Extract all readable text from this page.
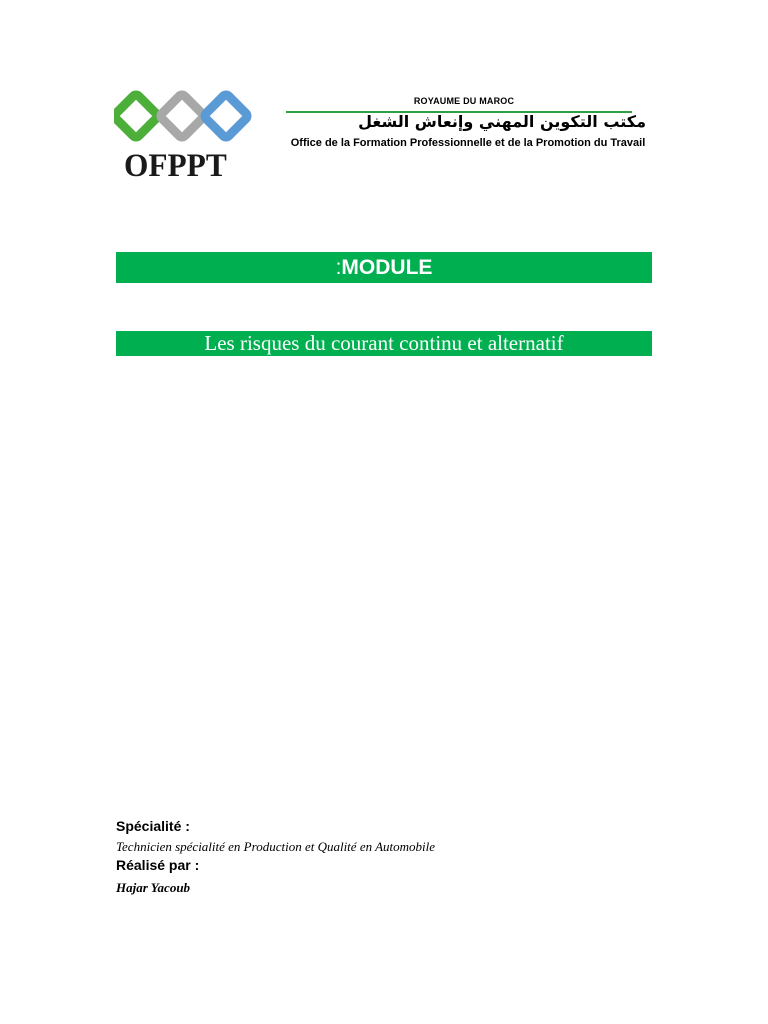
OFPPT
ROYAUME DU MAROC
مكتب التكوين المهني وإنعاش الشغل
Office de la Formation Professionnelle et de la Promotion du Travail
:MODULE
Les risques du courant continu et alternatif
Spécialité :
Technicien spécialité en Production et Qualité en Automobile
Réalisé par :
Hajar Yacoub
